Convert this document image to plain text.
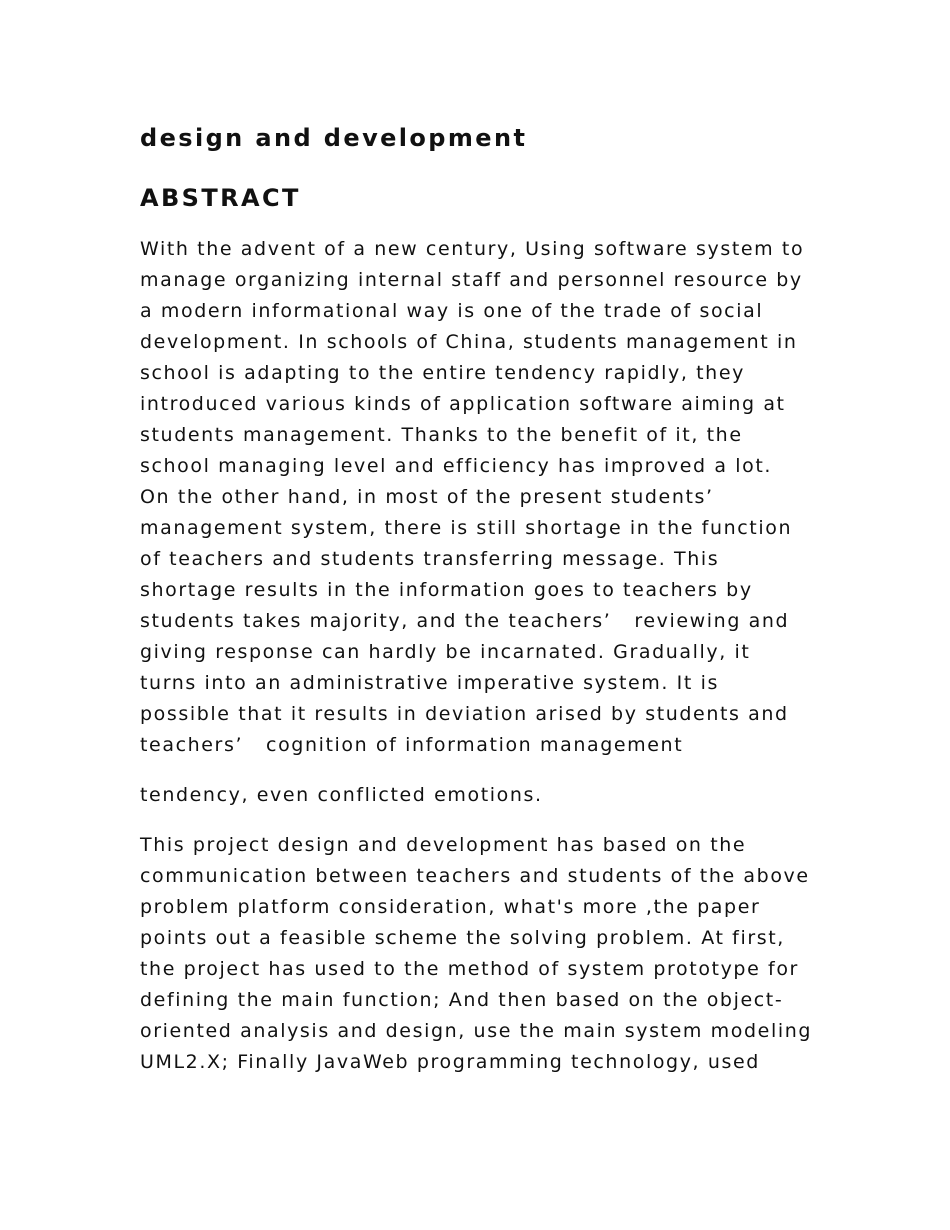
design and development
ABSTRACT
With the advent of a new century, Using software system to
manage organizing internal staff and personnel resource by
a modern informational way is one of the trade of social
development. In schools of China, students management in
school is adapting to the entire tendency rapidly, they
introduced various kinds of application software aiming at
students management. Thanks to the benefit of it, the
school managing level and efficiency has improved a lot.
On the other hand, in most of the present students’
management system, there is still shortage in the function
of teachers and students transferring message. This
shortage results in the information goes to teachers by
students takes majority, and the teachers’   reviewing and
giving response can hardly be incarnated. Gradually, it
turns into an administrative imperative system. It is
possible that it results in deviation arised by students and
teachers’   cognition of information management
tendency, even conflicted emotions.
This project design and development has based on the
communication between teachers and students of the above
problem platform consideration, what's more ,the paper
points out a feasible scheme the solving problem. At first,
the project has used to the method of system prototype for
defining the main function; And then based on the object-
oriented analysis and design, use the main system modeling
UML2.X; Finally JavaWeb programming technology, used
